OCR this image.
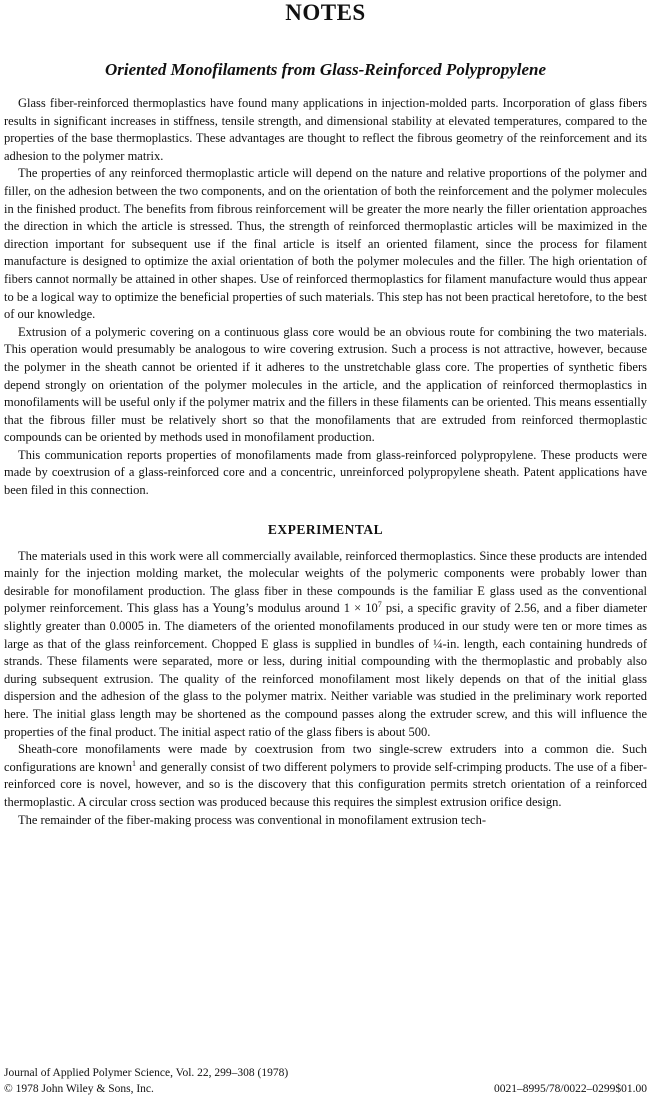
NOTES
Oriented Monofilaments from Glass-Reinforced Polypropylene

Glass fiber-reinforced thermoplastics have found many applications in injection-molded parts. Incorporation of glass fibers results in significant increases in stiffness, tensile strength, and dimensional stability at elevated temperatures, compared to the properties of the base thermoplastics. These advantages are thought to reflect the fibrous geometry of the reinforcement and its adhesion to the polymer matrix.

The properties of any reinforced thermoplastic article will depend on the nature and relative proportions of the polymer and filler, on the adhesion between the two components, and on the orientation of both the reinforcement and the polymer molecules in the finished product. The benefits from fibrous reinforcement will be greater the more nearly the filler orientation approaches the direction in which the article is stressed. Thus, the strength of reinforced thermoplastic articles will be maximized in the direction important for subsequent use if the final article is itself an oriented filament, since the process for filament manufacture is designed to optimize the axial orientation of both the polymer molecules and the filler. The high orientation of fibers cannot normally be attained in other shapes. Use of reinforced thermoplastics for filament manufacture would thus appear to be a logical way to optimize the beneficial properties of such materials. This step has not been practical heretofore, to the best of our knowledge.

Extrusion of a polymeric covering on a continuous glass core would be an obvious route for combining the two materials. This operation would presumably be analogous to wire covering extrusion. Such a process is not attractive, however, because the polymer in the sheath cannot be oriented if it adheres to the unstretchable glass core. The properties of synthetic fibers depend strongly on orientation of the polymer molecules in the article, and the application of reinforced thermoplastics in monofilaments will be useful only if the polymer matrix and the fillers in these filaments can be oriented. This means essentially that the fibrous filler must be relatively short so that the monofilaments that are extruded from reinforced thermoplastic compounds can be oriented by methods used in monofilament production.

This communication reports properties of monofilaments made from glass-reinforced polypropylene. These products were made by coextrusion of a glass-reinforced core and a concentric, unreinforced polypropylene sheath. Patent applications have been filed in this connection.

EXPERIMENTAL

The materials used in this work were all commercially available, reinforced thermoplastics. Since these products are intended mainly for the injection molding market, the molecular weights of the polymeric components were probably lower than desirable for monofilament production. The glass fiber in these compounds is the familiar E glass used as the conventional polymer reinforcement. This glass has a Young’s modulus around $1 \times 10^7$ psi, a specific gravity of 2.56, and a fiber diameter slightly greater than 0.0005 in. The diameters of the oriented monofilaments produced in our study were ten or more times as large as that of the glass reinforcement. Chopped E glass is supplied in bundles of ¼-in. length, each containing hundreds of strands. These filaments were separated, more or less, during initial compounding with the thermoplastic and probably also during subsequent extrusion. The quality of the reinforced monofilament most likely depends on that of the initial glass dispersion and the adhesion of the glass to the polymer matrix. Neither variable was studied in the preliminary work reported here. The initial glass length may be shortened as the compound passes along the extruder screw, and this will influence the properties of the final product. The initial aspect ratio of the glass fibers is about 500.

Sheath-core monofilaments were made by coextrusion from two single-screw extruders into a common die. Such configurations are known$^1$ and generally consist of two different polymers to provide self-crimping products. The use of a fiber-reinforced core is novel, however, and so is the discovery that this configuration permits stretch orientation of a reinforced thermoplastic. A circular cross section was produced because this requires the simplest extrusion orifice design.

The remainder of the fiber-making process was conventional in monofilament extrusion tech-

Journal of Applied Polymer Science, Vol. 22, 299–308 (1978)
© 1978 John Wiley & Sons, Inc.	0021–8995/78/0022–0299$01.00
